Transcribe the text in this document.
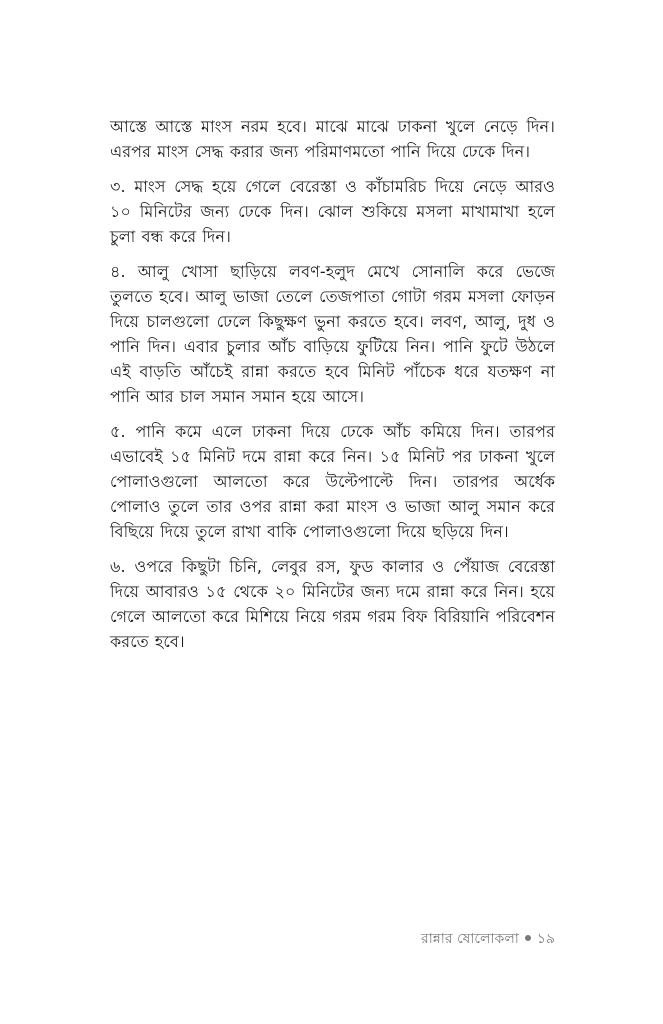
আস্তে আস্তে মাংস নরম হবে। মাঝে মাঝে ঢাকনা খুলে নেড়ে দিন। এরপর মাংস সেদ্ধ করার জন্য পরিমাণমতো পানি দিয়ে ঢেকে দিন।

৩. মাংস সেদ্ধ হয়ে গেলে বেরেস্তা ও কাঁচামরিচ দিয়ে নেড়ে আরও ১০ মিনিটের জন্য ঢেকে দিন। ঝোল শুকিয়ে মসলা মাখামাখা হলে চুলা বন্ধ করে দিন।

৪. আলু খোসা ছাড়িয়ে লবণ-হলুদ মেখে সোনালি করে ভেজে তুলতে হবে। আলু ভাজা তেলে তেজপাতা গোটা গরম মসলা ফোড়ন দিয়ে চালগুলো ঢেলে কিছুক্ষণ ভুনা করতে হবে। লবণ, আলু, দুধ ও পানি দিন। এবার চুলার আঁচ বাড়িয়ে ফুটিয়ে নিন। পানি ফুটে উঠলে এই বাড়তি আঁচেই রান্না করতে হবে মিনিট পাঁচেক ধরে যতক্ষণ না পানি আর চাল সমান সমান হয়ে আসে।

৫. পানি কমে এলে ঢাকনা দিয়ে ঢেকে আঁচ কমিয়ে দিন। তারপর এভাবেই ১৫ মিনিট দমে রান্না করে নিন। ১৫ মিনিট পর ঢাকনা খুলে পোলাওগুলো আলতো করে উল্টেপাল্টে দিন। তারপর অর্ধেক পোলাও তুলে তার ওপর রান্না করা মাংস ও ভাজা আলু সমান করে বিছিয়ে দিয়ে তুলে রাখা বাকি পোলাওগুলো দিয়ে ছড়িয়ে দিন।

৬. ওপরে কিছুটা চিনি, লেবুর রস, ফুড কালার ও পেঁয়াজ বেরেস্তা দিয়ে আবারও ১৫ থেকে ২০ মিনিটের জন্য দমে রান্না করে নিন। হয়ে গেলে আলতো করে মিশিয়ে নিয়ে গরম গরম বিফ বিরিয়ানি পরিবেশন করতে হবে।

রান্নার ষোলোকলা ১৯
